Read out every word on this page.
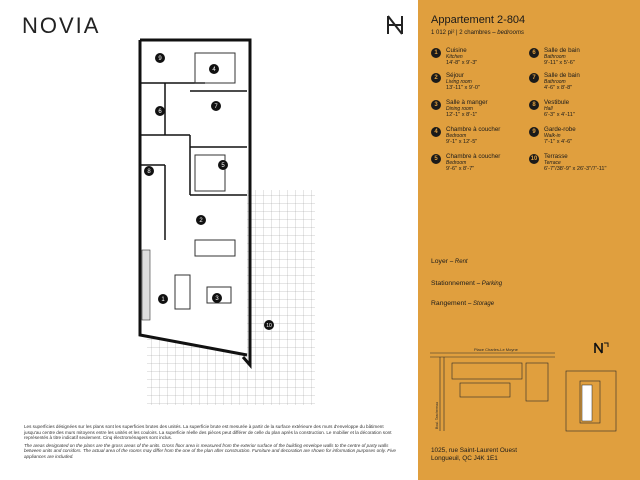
NOVIA
1
2
3
4
5
6
7
8
9
10

Les superficies désignées sur les plans sont les superficies brutes des unités. La superficie brute est mesurée à partir de la surface extérieure des murs d'enveloppe du bâtiment jusqu'au centre des murs mitoyens entre les unités et les couloirs. La superficie réelle des pièces peut différer de celle du plan après la construction. Le mobilier et la décoration sont représentés à titre indicatif seulement. Cinq électroménagers sont inclus.

The areas designated on the plans are the gross areas of the units. Gross floor area is measured from the exterior surface of the building envelope walls to the centre of party walls between units and corridors. The actual area of the rooms may differ from the one of the plan after construction. Furniture and decoration are shown for information purposes only. Five appliances are included.

Appartement 2-804
1 012 pi² | 2 chambres – bedrooms
1	Cuisine
Kitchen
14'-8" x 9'-3"
2	Séjour
Living room
13'-11" x 9'-0"
3	Salle à manger
Dining room
12'-1" x 8'-1"
4	Chambre à coucher
Bedroom
9'-1" x 12'-5"
5	Chambre à coucher
Bedroom
9'-6" x 8'-7"
6	Salle de bain
Bathroom
9'-11" x 5'-6"
7	Salle de bain
Bathroom
4'-6" x 8'-8"
8	Vestibule
Hall
6'-3" x 4'-11"
9	Garde-robe
Walk-in
7'-1" x 4'-6"
10 Terrasse
Terrace
6'-7"/38'-9" x 26'-3"/7'-11"
Loyer – Rent
Stationnement – Parking
Rangement – Storage
Place Charles-Le Moyne
Boul. Taschereau
1025, rue Saint-Laurent Ouest
Longueuil, QC J4K 1E1
